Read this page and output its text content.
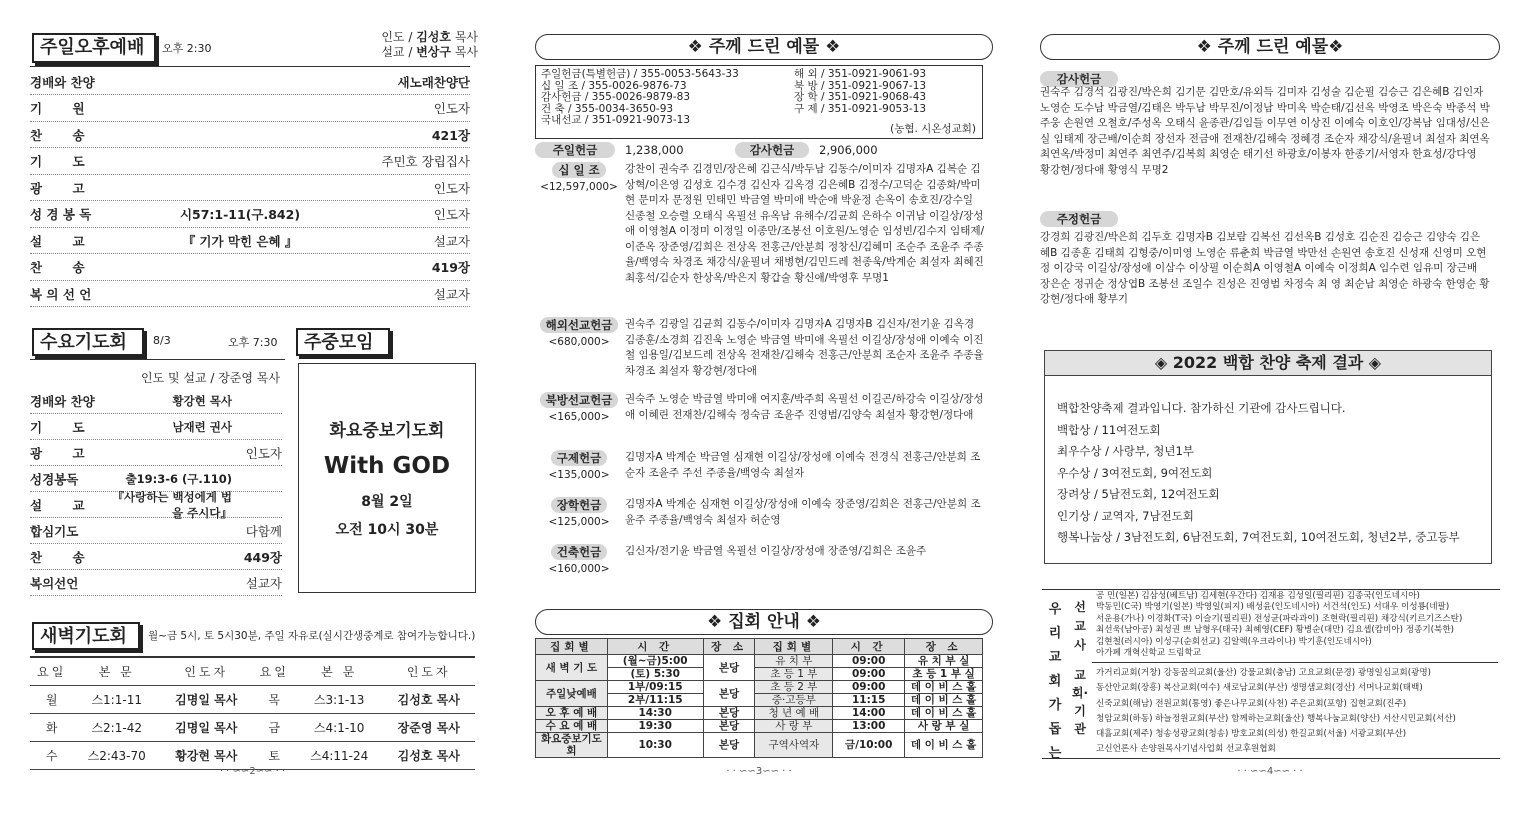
주일오후예배	오후 2:30
인도 / 김성호 목사
설교 / 변상구 목사
경배와 찬양	새노래찬양단
기       원	인도자
찬       송	421장
기       도	주민호 장립집사
광       고	인도자
성 경 봉 독	시57:1-11(구.842)	인도자
설       교	『 기가 막힌 은혜 』	설교자
찬       송	419장
복 의 선 언	설교자
수요기도회	8/3	오후 7:30
인도 및 설교 / 장준영 목사
경배와 찬양	황강현 목사
기       도	남재련 권사
광       고	인도자
성경봉독	출19:3-6 (구.110)
설       교
『사랑하는 백성에게 법을 주시다』
합심기도	다함께
찬       송	449장
복의선언	설교자
주중모임
화요중보기도회
With GOD
8월 2일
오전 10시 30분
새벽기도회	월~금 5시, 토 5시30분, 주일 자유로(실시간생중계로 참여가능합니다.)
요일	본 문	인도자	요일	본 문	인도자
월	스1:1-11	김명일 목사	목	스3:1-13	김성호 목사
화	스2:1-42	김명일 목사	금	스4:1-10	장준영 목사
수	스2:43-70	황강현 목사	토	스4:11-24	김성호 목사
· · ∽∽2∽∽ · ·
❖ 주께 드린 예물 ❖
주일헌금(특별헌금) / 355-0053-5643-33
십 일 조 / 355-0026-9876-73
감사헌금 / 355-0026-9879-83
건 축 / 355-0034-3650-93
국내선교 / 351-0921-9073-13
해 외 / 351-0921-9061-93
북 방 / 351-0921-9067-13
장 학 / 351-0921-9068-43
구 제 / 351-0921-9053-13
(농협. 시온성교회)
주일헌금	1,238,000	감사헌금	2,906,000
십 일 조
<12,597,000>
강찬이 권숙주 김경민/장은혜 김근식/박두남 김동수/이미자 김명자A 김복순 김상혁/이은영 김성호 김수경 김신자 김옥경 김은혜B 김정수/고덕순 김종화/박미현 문미자 문정원 민태민 박금열 박미애 박순애 박윤정 손옥이 송호진/강수일 신종철 오승렬 오태식 옥필선 유옥남 유해수/김균희 은하수 이귀남 이길상/장성애 이영철A 이정미 이정일 이종만/조봉선 이호원/노영순 임성빈/김수지 임태제/이준옥 장준영/김희은 전상옥 전홍근/안분희 정창신/김혜미 조순주 조윤주 주종율/백영숙 차경조 채강식/윤필녀 채병현/김민드레 천종욱/박계순 최설자 최혜진 최홍석/김순자 한상옥/박은지 황갑술 황신애/박영후 무명1
해외선교헌금
<680,000>
권숙주 김광일 김균희 김동수/이미자 김명자A 김명자B 김신자/전기윤 김옥경 김종훈/소경희 김진욱 노영순 박금열 박미애 옥필선 이길상/장성애 이예숙 이진철 임용일/김보드레 전상옥 전재찬/김해숙 전홍근/안분희 조순자 조윤주 주종율 차경조 최설자 황강현/정다애
북방선교헌금
<165,000>
권숙주 노영순 박금열 박미애 여지훈/박주희 옥필선 이길곤/하강숙 이길상/장성애 이혜린 전재찬/김해숙 정숙금 조윤주 진영범/김양숙 최설자 황강현/정다애
구제헌금
<135,000>
김명자A 박계순 박금열 심재현 이길상/장성애 이예숙 전경식 전홍근/안분희 조순자 조윤주 주선 주종율/백영숙 최설자
장학헌금
<125,000>
김명자A 박계순 심재현 이길상/장성애 이예숙 장준영/김희은 전홍근/안분희 조윤주 주종율/백영숙 최설자 허순영
건축헌금
<160,000>
김신자/전기윤 박금열 옥필선 이길상/장성애 장준영/김희은 조윤주
❖ 집회 안내 ❖
집회별	시 간	장 소	집회별	시 간	장 소
새 벽 기 도	(월~금)5:00	본당	유 치 부	09:00	유 치 부 실
	(토) 5:30		초 등 1 부	09:00	초 등 1 부 실
주일낮예배	1부/09:15	본당	초 등 2 부	09:00	데 이 비 스 홀
	2부/11:15		중·고등부	11:15	데 이 비 스 홀
오 후 예 배	14:30	본당	청 년 예 배	14:00	데 이 비 스 홀
수 요 예 배	19:30	본당	사 랑 부	13:00	사 랑 부 실
화요중보기도회	10:30	본당	구역사역자	금/10:00	데 이 비 스 홀
· · ∽∽3∽∽ · ·
❖ 주께 드린 예물❖
감사헌금
권숙주 김경석 김광진/박은희 김기문 김만호/유외득 김미자 김성술 김순필 김승근 김은혜B 김인자 노영순 도수남 박금열/김태은 박두남 박무진/이정남 박미옥 박순태/김선옥 박영조 박은숙 박종석 박주웅 손원연 오철호/주성옥 오태식 윤종관/김임들 이무연 이상진 이예숙 이호인/강복남 임대성/신은실 임태제 장근배/이순희 장선자 전금애 전재찬/김해숙 정혜경 조순자 채강식/윤필녀 최설자 최연옥 최연옥/박정미 최연주 최연주/김복희 최영순 태기선 하광호/이봉자 한종기/서영자 한효성/강다영 황강현/정다애 황영식 무명2
주정헌금
강경희 김광진/박은희 김두호 김명자B 김보람 김복선 김선옥B 김성호 김순진 김승근 김양숙 김은혜B 김종훈 김태희 김형중/이미영 노영순 류춘희 박금열 박만선 손원연 송호진 신성재 신영미 오현정 이강국 이길상/장성애 이삼수 이상필 이순희A 이영철A 이예숙 이정희A 임수련 임유미 장근배 장은순 정귀순 정상엽B 조봉선 조일수 진성은 진영범 차정숙 최 영 최순남 최영순 하광숙 한영순 황강현/정다애 황부기
◈ 2022 백합 찬양 축제 결과 ◈
백합찬양축제 결과입니다. 참가하신 기관에 감사드립니다.
백합상 / 11여전도회
최우수상 / 사랑부, 청년1부
우수상 / 3여전도회, 9여전도회
장려상 / 5남전도회, 12여전도회
인기상 / 교역자, 7남전도회
행복나눔상 / 3남전도회, 6남전도회, 7여전도회, 10여전도회, 청년2부, 중고등부
우리교회가 돕는
선교사
교회·기관
공 민(일본) 김삼성(베트남) 김세현(우간다) 김재용 김성일(필리핀) 김종국(인도네시아)
박동민(C국) 박영기(일본) 박영일(피지) 배성윤(인도네시아) 서건석(인도) 서대우 이성룡(네팔)
서운용(가나) 이경화(T국) 이슬기(필리핀) 전성균(파라과이) 조현락(필리핀) 채강식(키르기즈스탄)
최선욱(남아공) 최성권 쁘 남형우(태국) 최혜영(CEF) 황병순(대만) 김요셉(캄비아) 정종기(북한)
김현철(러시아) 이성구(순회선교) 김알렉(우크라이나) 박기훈(인도네시아)
아가페 개혁신학교 드림학교
가거리교회(거창) 강동꿈의교회(울산) 강물교회(충남) 고요교회(문경) 광명일심교회(광명)
동산안교회(장흥) 복산교회(여수) 새로남교회(부산) 생명샘교회(경산) 서머나교회(태백)
신죽교회(해남) 전원교회(통영) 좋은나무교회(사천) 주은교회(포항) 집현교회(진주)
청암교회(하동) 하늘정원교회(부산) 함께하는교회(울산) 행복나눔교회(양산) 서산시민교회(서산)
대흘교회(제주) 청송성광교회(청송) 방호교회(의성) 한길교회(서울) 서광교회(부산)
고신언론사 손양원목사기념사업회 선교후원협회
· · ∽∽4∽∽ · ·
